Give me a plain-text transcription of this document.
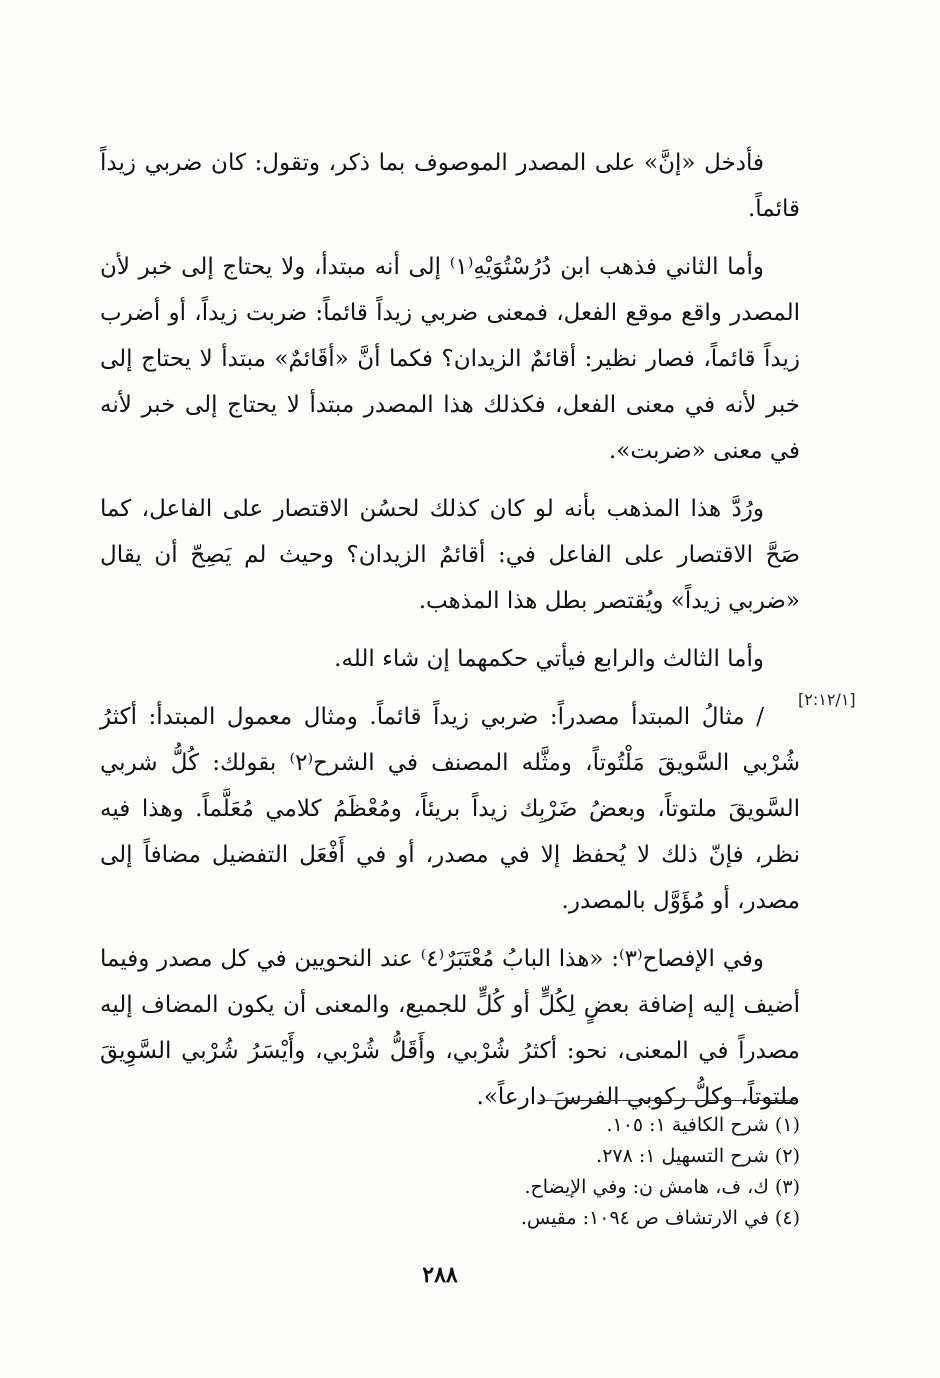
فأدخل «إنَّ» على المصدر الموصوف بما ذكر، وتقول: كان ضربي زيداً قائماً.

وأما الثاني فذهب ابن دُرُسْتُوَيْهِ⁽١⁾ إلى أنه مبتدأ، ولا يحتاج إلى خبر لأن المصدر واقع موقع الفعل، فمعنى ضربي زيداً قائماً: ضربت زيداً، أو أضرب زيداً قائماً، فصار نظير: أقائمٌ الزيدان؟ فكما أنَّ «أقَائمٌ» مبتدأ لا يحتاج إلى خبر لأنه في معنى الفعل، فكذلك هذا المصدر مبتدأ لا يحتاج إلى خبر لأنه في معنى «ضربت».

ورُدَّ هذا المذهب بأنه لو كان كذلك لحسُن الاقتصار على الفاعل، كما صَحَّ الاقتصار على الفاعل في: أقائمٌ الزيدان؟ وحيث لم يَصِحّ أن يقال «ضربي زيداً» ويُقتصر بطل هذا المذهب.

وأما الثالث والرابع فيأتي حكمهما إن شاء الله.

/ مثالُ المبتدأ مصدراً: ضربي زيداً قائماً. ومثال معمول المبتدأ: أكثرُ شُرْبي السَّويقَ مَلْتُوتاً، ومثَّله المصنف في الشرح⁽٢⁾ بقولك: كُلُّ شربي السَّويقَ ملتوتاً، وبعضُ ضَرْبِك زيداً بريئاً، ومُعْظَمُ كلامي مُعَلَّماً. وهذا فيه نظر، فإنّ ذلك لا يُحفظ إلا في مصدر، أو في أَفْعَل التفضيل مضافاً إلى مصدر، أو مُؤَوَّل بالمصدر.

وفي الإفصاح⁽٣⁾: «هذا البابُ مُعْتَبَرٌ⁽٤⁾ عند النحويين في كل مصدر وفيما أضيف إليه إضافة بعضٍ لِكُلٍّ أو كُلٍّ للجميع، والمعنى أن يكون المضاف إليه مصدراً في المعنى، نحو: أكثرُ شُرْبي، وأَقَلُّ شُرْبي، وأَيْسَرُ شُرْبي السَّوِيقَ ملتوتاً، وكلُّ ركوبي الفرسَ دارعاً».

[٢:١٢/١]

(١) شرح الكافية ١: ١٠٥.

(٢) شرح التسهيل ١: ٢٧٨.

(٣) ك، ف، هامش ن: وفي الإيضاح.

(٤) في الارتشاف ص ١٠٩٤: مقيس.

٢٨٨
